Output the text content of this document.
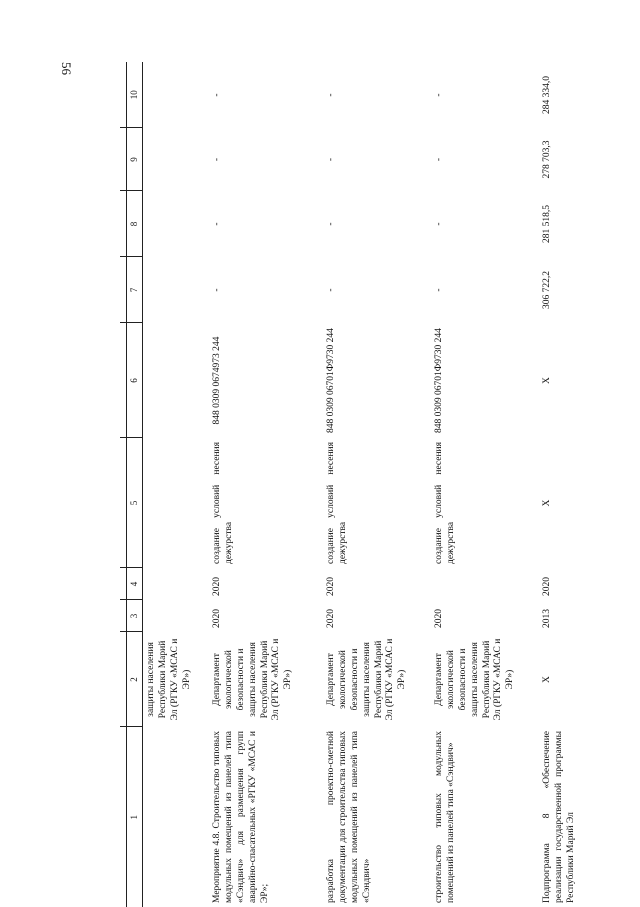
56

1	2	3	4	5	6	7	8	9	10
	защиты населения Республики Марий Эл (РГКУ «МСАС и ЭР»)								
Мероприятие 4.8. Строительство типовых модульных помещений из панелей типа «Сэндвич» для размещения групп аварийно-спасательных «РГКУ «МСАС и ЭР»;	Департамент экологической безопасности и защиты населения Республики Марий Эл (РГКУ «МСАС и ЭР»)	2020	2020	создание условий несения дежурства	848 0309 0674973 244	-	-	-	-
разработка проектно-сметной документации для строительства типовых модульных помещений из панелей типа «Сэндвич»	Департамент экологической безопасности и защиты населения Республики Марий Эл (РГКУ «МСАС и ЭР»)	2020	2020	создание условий несения дежурства	848 0309 06701Ф9730 244	-	-	-	-
строительство типовых модульных помещений из панелей типа «Сэндвич»	Департамент экологической безопасности и защиты населения Республики Марий Эл (РГКУ «МСАС и ЭР»)	2020		создание условий несения дежурства	848 0309 06701Ф9730 244	-	-	-	-
Подпрограмма 8 «Обеспечение реализации государственной программы Республики Марий Эл	X	2013	2020	X	X	306 722,2	281 518,5	278 703,3	284 334,0
